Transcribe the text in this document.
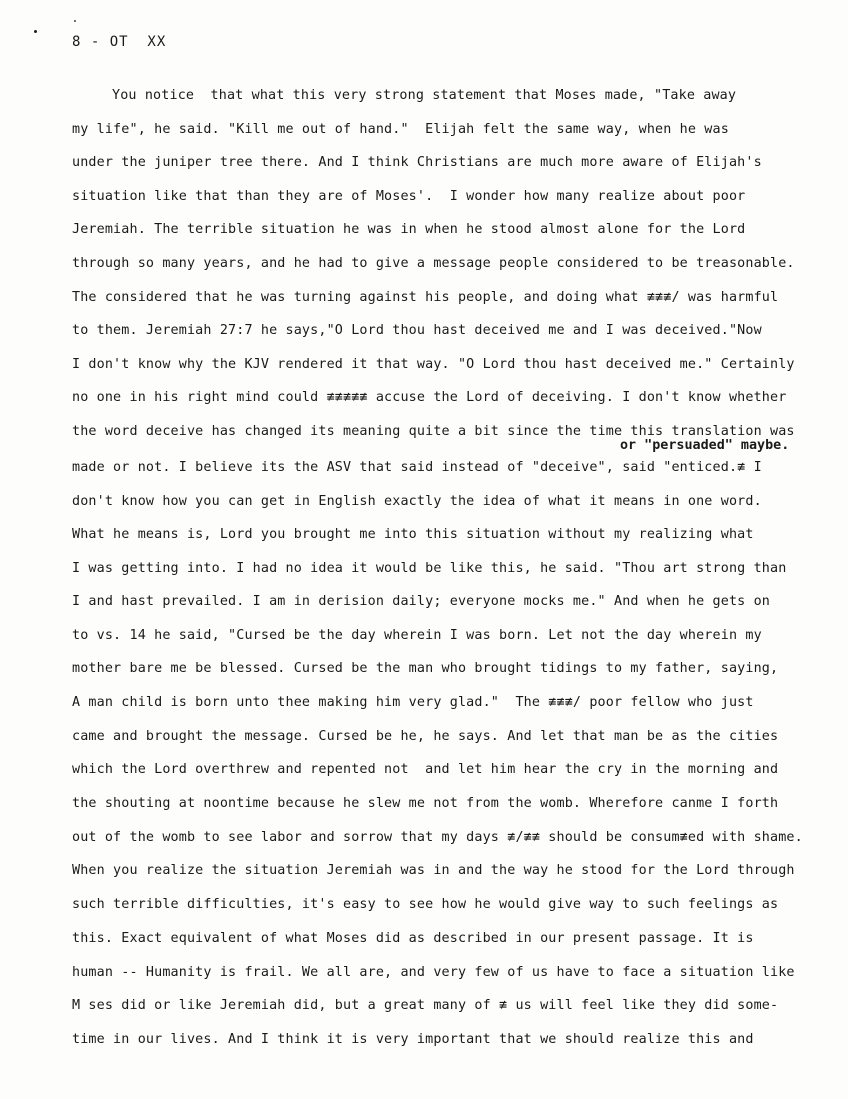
8 - OT  XX
or "persuaded" maybe.
You notice  that what this very strong statement that Moses made, "Take away
my life", he said. "Kill me out of hand."  Elijah felt the same way, when he was
under the juniper tree there. And I think Christians are much more aware of Elijah's
situation like that than they are of Moses'.  I wonder how many realize about poor
Jeremiah. The terrible situation he was in when he stood almost alone for the Lord
through so many years, and he had to give a message people considered to be treasonable.
The considered that he was turning against his people, and doing what ≢≢≢/ was harmful
to them. Jeremiah 27:7 he says,"O Lord thou hast deceived me and I was deceived."Now
I don't know why the KJV rendered it that way. "O Lord thou hast deceived me." Certainly
no one in his right mind could ≢≢≢≢≢ accuse the Lord of deceiving. I don't know whether
the word deceive has changed its meaning quite a bit since the time this translation was
made or not. I believe its the ASV that said instead of "deceive", said "enticed.≢ I
don't know how you can get in English exactly the idea of what it means in one word.
What he means is, Lord you brought me into this situation without my realizing what
I was getting into. I had no idea it would be like this, he said. "Thou art strong than
I and hast prevailed. I am in derision daily; everyone mocks me." And when he gets on
to vs. 14 he said, "Cursed be the day wherein I was born. Let not the day wherein my
mother bare me be blessed. Cursed be the man who brought tidings to my father, saying,
A man child is born unto thee making him very glad."  The ≢≢≢/ poor fellow who just
came and brought the message. Cursed be he, he says. And let that man be as the cities
which the Lord overthrew and repented not  and let him hear the cry in the morning and
the shouting at noontime because he slew me not from the womb. Wherefore canme I forth
out of the womb to see labor and sorrow that my days ≢/≢≢ should be consum≢ed with shame.
When you realize the situation Jeremiah was in and the way he stood for the Lord through
such terrible difficulties, it's easy to see how he would give way to such feelings as
this. Exact equivalent of what Moses did as described in our present passage. It is
human -- Humanity is frail. We all are, and very few of us have to face a situation like
M ses did or like Jeremiah did, but a great many of ≢ us will feel like they did some-
time in our lives. And I think it is very important that we should realize this and
